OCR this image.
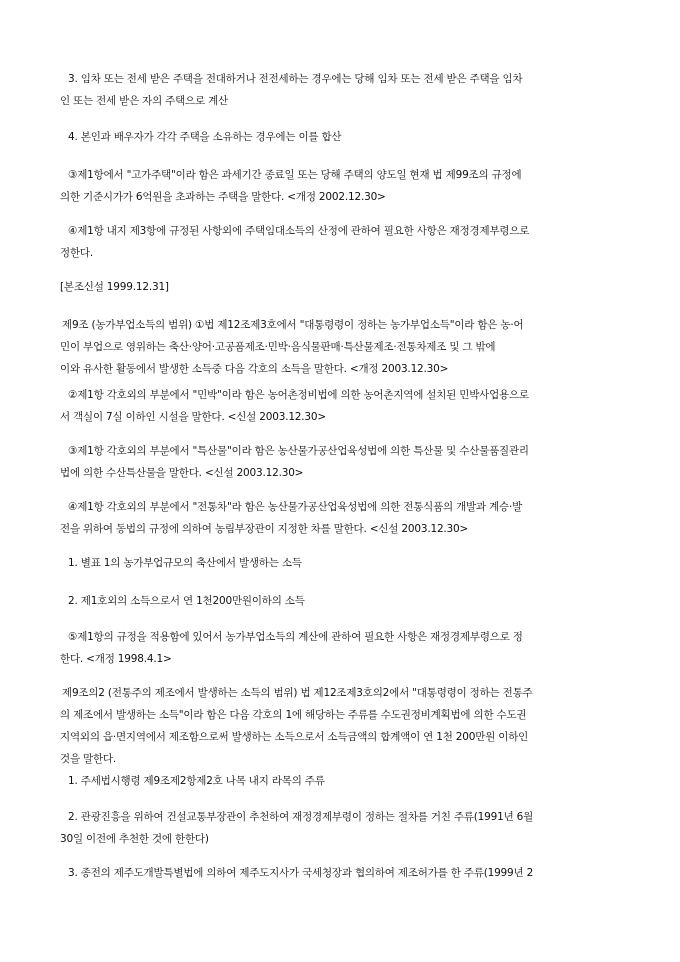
3. 임차 또는 전세 받은 주택을 전대하거나 전전세하는 경우에는 당해 임차 또는 전세 받은 주택을 임차
인 또는 전세 받은 자의 주택으로 계산

4. 본인과 배우자가 각각 주택을 소유하는 경우에는 이를 합산

③제1항에서 "고가주택"이라 함은 과세기간 종료일 또는 당해 주택의 양도일 현재 법 제99조의 규정에
의한 기준시가가 6억원을 초과하는 주택을 말한다. <개정 2002.12.30>

④제1항 내지 제3항에 규정된 사항외에 주택임대소득의 산정에 관하여 필요한 사항은 재정경제부령으로
정한다.

[본조신설 1999.12.31]

제9조 (농가부업소득의 범위) ①법 제12조제3호에서 "대통령령이 정하는 농가부업소득"이라 함은 농·어
민이 부업으로 영위하는 축산·양어·고공품제조·민박·음식물판매·특산물제조·전통차제조 및 그 밖에
이와 유사한 활동에서 발생한 소득중 다음 각호의 소득을 말한다. <개정 2003.12.30>

②제1항 각호외의 부분에서 "민박"이라 함은 농어촌정비법에 의한 농어촌지역에 설치된 민박사업용으로
서 객실이 7실 이하인 시설을 말한다. <신설 2003.12.30>

③제1항 각호외의 부분에서 "특산물"이라 함은 농산물가공산업육성법에 의한 특산물 및 수산물품질관리
법에 의한 수산특산물을 말한다. <신설 2003.12.30>

④제1항 각호외의 부분에서 "전통차"라 함은 농산물가공산업육성법에 의한 전통식품의 개발과 계승·발
전을 위하여 동법의 규정에 의하여 농림부장관이 지정한 차를 말한다. <신설 2003.12.30>

1. 별표 1의 농가부업규모의 축산에서 발생하는 소득

2. 제1호외의 소득으로서 연 1천200만원이하의 소득

⑤제1항의 규정을 적용함에 있어서 농가부업소득의 계산에 관하여 필요한 사항은 재정경제부령으로 정
한다. <개정 1998.4.1>

제9조의2 (전통주의 제조에서 발생하는 소득의 범위) 법 제12조제3호의2에서 "대통령령이 정하는 전통주
의 제조에서 발생하는 소득"이라 함은 다음 각호의 1에 해당하는 주류를 수도권정비계획법에 의한 수도권
지역외의 읍·면지역에서 제조함으로써 발생하는 소득으로서 소득금액의 합계액이 연 1천 200만원 이하인
것을 말한다.

1. 주세법시행령 제9조제2항제2호 나목 내지 라목의 주류

2. 관광진흥을 위하여 건설교통부장관이 추천하여 재정경제부령이 정하는 절차를 거친 주류(1991년 6월
30일 이전에 추천한 것에 한한다)

3. 종전의 제주도개발특별법에 의하여 제주도지사가 국세청장과 협의하여 제조허가를 한 주류(1999년 2
